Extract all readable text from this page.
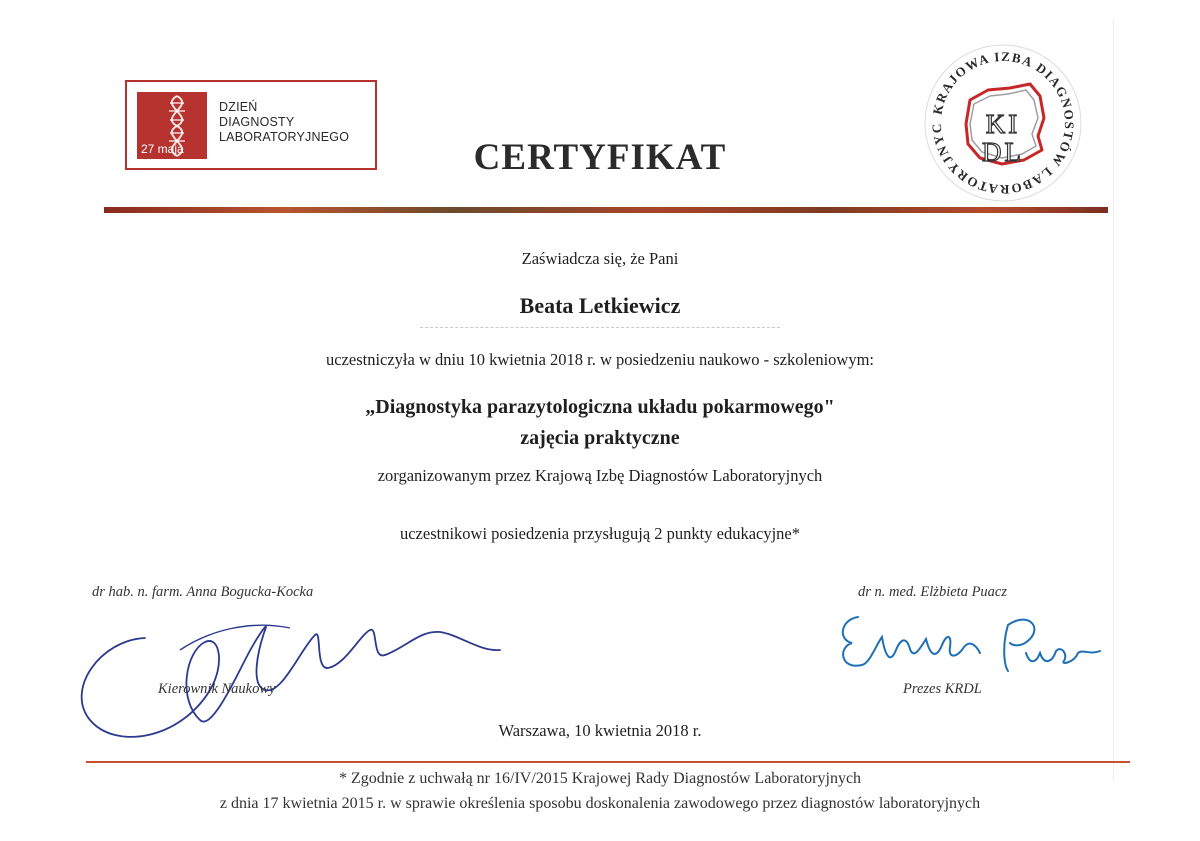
27 maja
DZIEŃ
DIAGNOSTY
LABORATORYJNEGO	CERTYFIKAT
KRAJOWA IZBA DIAGNOSTÓW LABORATORYJNYC	KI
DL
Zaświadcza się, że Pani
Beata Letkiewicz
uczestniczyła w dniu 10 kwietnia 2018 r. w posiedzeniu naukowo - szkoleniowym:
„Diagnostyka parazytologiczna układu pokarmowego"
zajęcia praktyczne
zorganizowanym przez Krajową Izbę Diagnostów Laboratoryjnych
uczestnikowi posiedzenia przysługują 2 punkty edukacyjne*
dr hab. n. farm. Anna Bogucka-Kocka
Kierownik Naukowy
dr n. med. Elżbieta Puacz
Prezes KRDL
Warszawa, 10 kwietnia 2018 r.
* Zgodnie z uchwałą nr 16/IV/2015 Krajowej Rady Diagnostów Laboratoryjnych
z dnia 17 kwietnia 2015 r. w sprawie określenia sposobu doskonalenia zawodowego przez diagnostów laboratoryjnych
